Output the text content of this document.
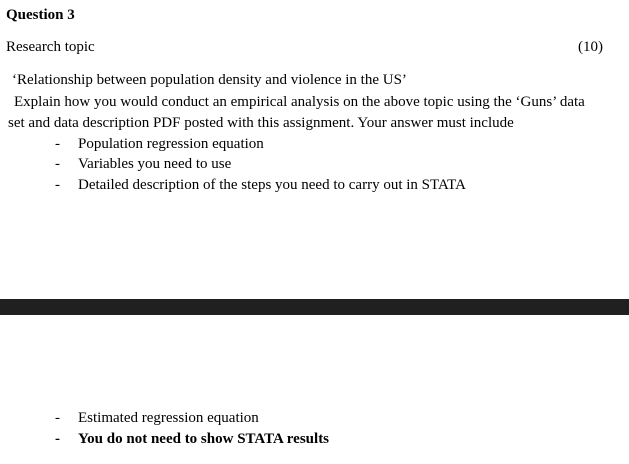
Question 3
Research topic	(10)
‘Relationship between population density and violence in the US’
Explain how you would conduct an empirical analysis on the above topic using the ‘Guns’ data
set and data description PDF posted with this assignment. Your answer must include
- Population regression equation
- Variables you need to use
- Detailed description of the steps you need to carry out in STATA
- Estimated regression equation
- You do not need to show STATA results
